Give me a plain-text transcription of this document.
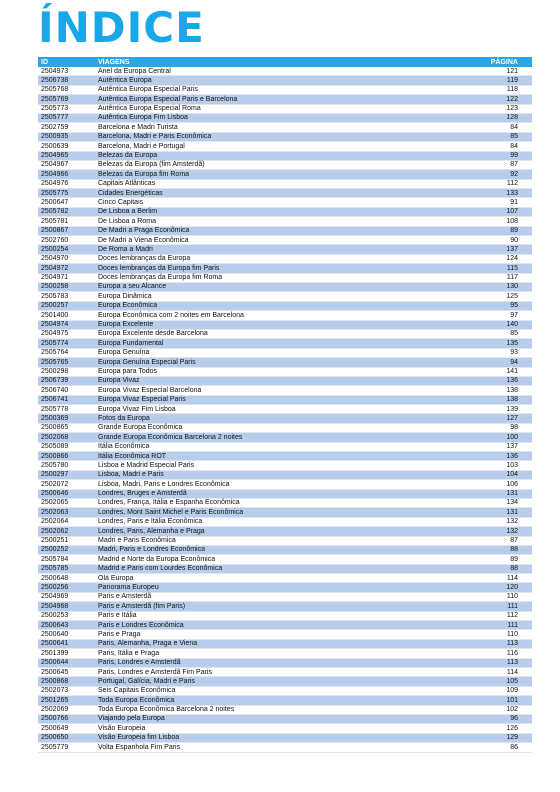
ÍNDICE
ID	VIAGENS	PÁGINA
2504973	Anel da Europa Central	121
2506738	Autêntica Europa	119
2505768	Autêntica Europa Especial Paris	118
2505769	Autêntica Europa Especial Paris e Barcelona	122
2505773	Autêntica Europa Especial Roma	123
2505777	Autêntica Europa Fim Lisboa	128
2502759	Barcelona e Madri Turista	84
2500935	Barcelona, Madri e Paris Econômica	85
2500639	Barcelona, Madri e Portugal	84
2504965	Belezas da Europa	99
2504967	Belezas da Europa (fim Amsterdã)	87
2504966	Belezas da Europa fim Roma	92
2504976	Capitais Atlânticas	112
2505775	Cidades Energéticas	133
2500647	Cinco Capitais	91
2505782	De Lisboa a Berlim	107
2505781	De Lisboa a Roma	108
2500867	De Madri a Praga Econômica	89
2502760	De Madri a Viena Econômica	90
2500254	De Roma a Madri	137
2504970	Doces lembranças da Europa	124
2504972	Doces lembranças da Europa fim Paris	115
2504971	Doces lembranças da Europa fim Roma	117
2500258	Europa a seu Alcance	130
2505783	Europa Dinâmica	125
2500257	Europa Econômica	95
2501400	Europa Econômica com 2 noites em Barcelona	97
2504974	Europa Excelente	140
2504975	Europa Excelente desde Barcelona	85
2505774	Europa Fundamental	135
2505764	Europa Genuína	93
2505765	Europa Genuína Especial Paris	94
2500298	Europa para Todos	141
2506739	Europa Vivaz	136
2506740	Europa Vivaz Especial Barcelona	138
2506741	Europa Vivaz Especial Paris	138
2505778	Europa Vivaz Fim Lisboa	139
2500369	Fotos da Europa	127
2500865	Grande Europa Econômica	98
2502068	Grande Europa Econômica Barcelona 2 noites	100
2505089	Itália Econômica	137
2500866	Itália Econômica ROT	136
2505780	Lisboa e Madrid Especial Paris	103
2500297	Lisboa, Madri e Paris	104
2502072	Lisboa, Madri, Paris e Londres Econômica	106
2500646	Londres, Bruges e Amsterdã	131
2502065	Londres, França, Itália e Espanha Econômica	134
2502063	Londres, Mont Saint Michel e Paris Econômica	131
2502064	Londres, Paris e Itália Econômica	132
2502062	Londres, Paris, Alemanha e Praga	132
2500251	Madri e Paris Econômica	87
2500252	Madri, Paris e Londres Econômica	88
2505784	Madrid e Norte da Europa Econômica	89
2505785	Madrid e Paris com Lourdes Econômica	88
2500648	Olá Europa	114
2500256	Panorama Europeu	120
2504969	Paris e Amsterdã	110
2504968	Paris e Amsterdã (fim Paris)	111
2500253	Paris e Itália	112
2500643	Paris e Londres Econômica	111
2500640	Paris e Praga	110
2500641	Paris, Alemanha, Praga e Viena	113
2501399	Paris, Itália e Praga	116
2500644	Paris, Londres e Amsterdã	113
2500645	Paris, Londres e Amsterdã Fim Paris	114
2500868	Portugal, Galícia, Madri e Paris	105
2502073	Seis Capitais Econômica	109
2501265	Toda Europa Econômica	101
2502069	Toda Europa Econômica Barcelona 2 noites	102
2500766	Viajando pela Europa	96
2500649	Visão Europeia	126
2500650	Visão Europeia fim Lisboa	129
2505779	Volta Espanhola Fim Paris	86
